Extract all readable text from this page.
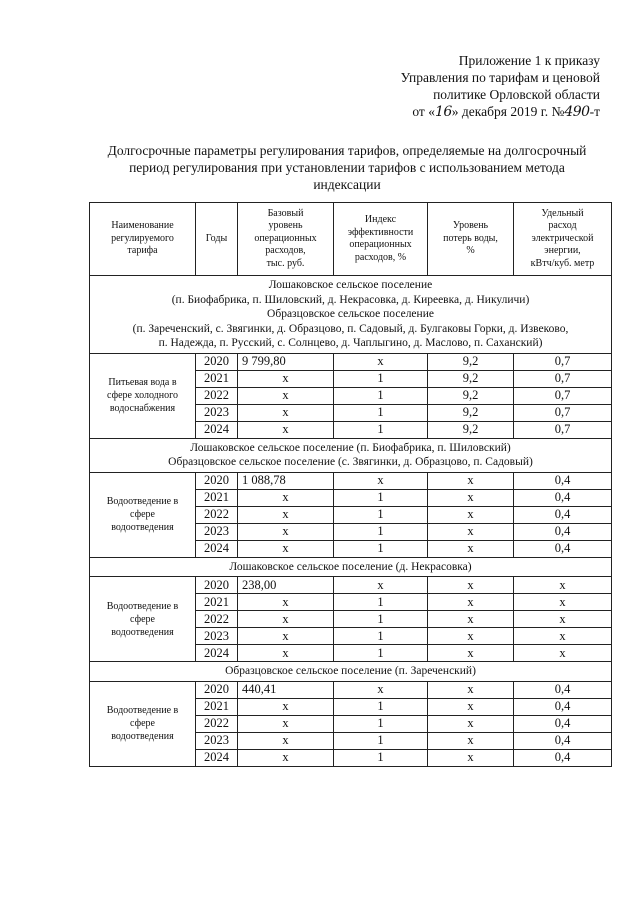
Приложение 1 к приказу
Управления по тарифам и ценовой
политике Орловской области
от «16» декабря 2019 г. №490-т
Долгосрочные параметры регулирования тарифов, определяемые на долгосрочный
период регулирования при установлении тарифов с использованием метода
индексации
Наименование
регулируемого
тарифа	Годы	Базовый
уровень
операционных
расходов,
тыс. руб.	Индекс
эффективности
операционных
расходов, %	Уровень
потерь воды,
%	Удельный
расход
электрической
энергии,
кВтч/куб. метр

Лошаковское сельское поселение
(п. Биофабрика, п. Шиловский, д. Некрасовка, д. Киреевка, д. Никуличи)
Образцовское сельское поселение
(п. Зареченский, с. Звягинки, д. Образцово, п. Садовый, д. Булгаковы Горки, д. Извеково,
п. Надежда, п. Русский, с. Солнцево, д. Чаплыгино, д. Маслово, п. Саханский)					

Питьевая вода в
сфере холодного
водоснабжения	2020	9 799,80	x	9,2	0,7
	2021	x	1	9,2	0,7
	2022	x	1	9,2	0,7
	2023	x	1	9,2	0,7
	2024	x	1	9,2	0,7

Лошаковское сельское поселение (п. Биофабрика, п. Шиловский)
Образцовское сельское поселение (с. Звягинки, д. Образцово, п. Садовый)					

Водоотведение в
сфере
водоотведения	2020	1 088,78	x	x	0,4
	2021	x	1	x	0,4
	2022	x	1	x	0,4
	2023	x	1	x	0,4
	2024	x	1	x	0,4

Лошаковское сельское поселение (д. Некрасовка)					

Водоотведение в
сфере
водоотведения	2020	238,00	x	x	x
	2021	x	1	x	x
	2022	x	1	x	x
	2023	x	1	x	x
	2024	x	1	x	x

Образцовское сельское поселение (п. Зареченский)					

Водоотведение в
сфере
водоотведения	2020	440,41	x	x	0,4
	2021	x	1	x	0,4
	2022	x	1	x	0,4
	2023	x	1	x	0,4
	2024	x	1	x	0,4
